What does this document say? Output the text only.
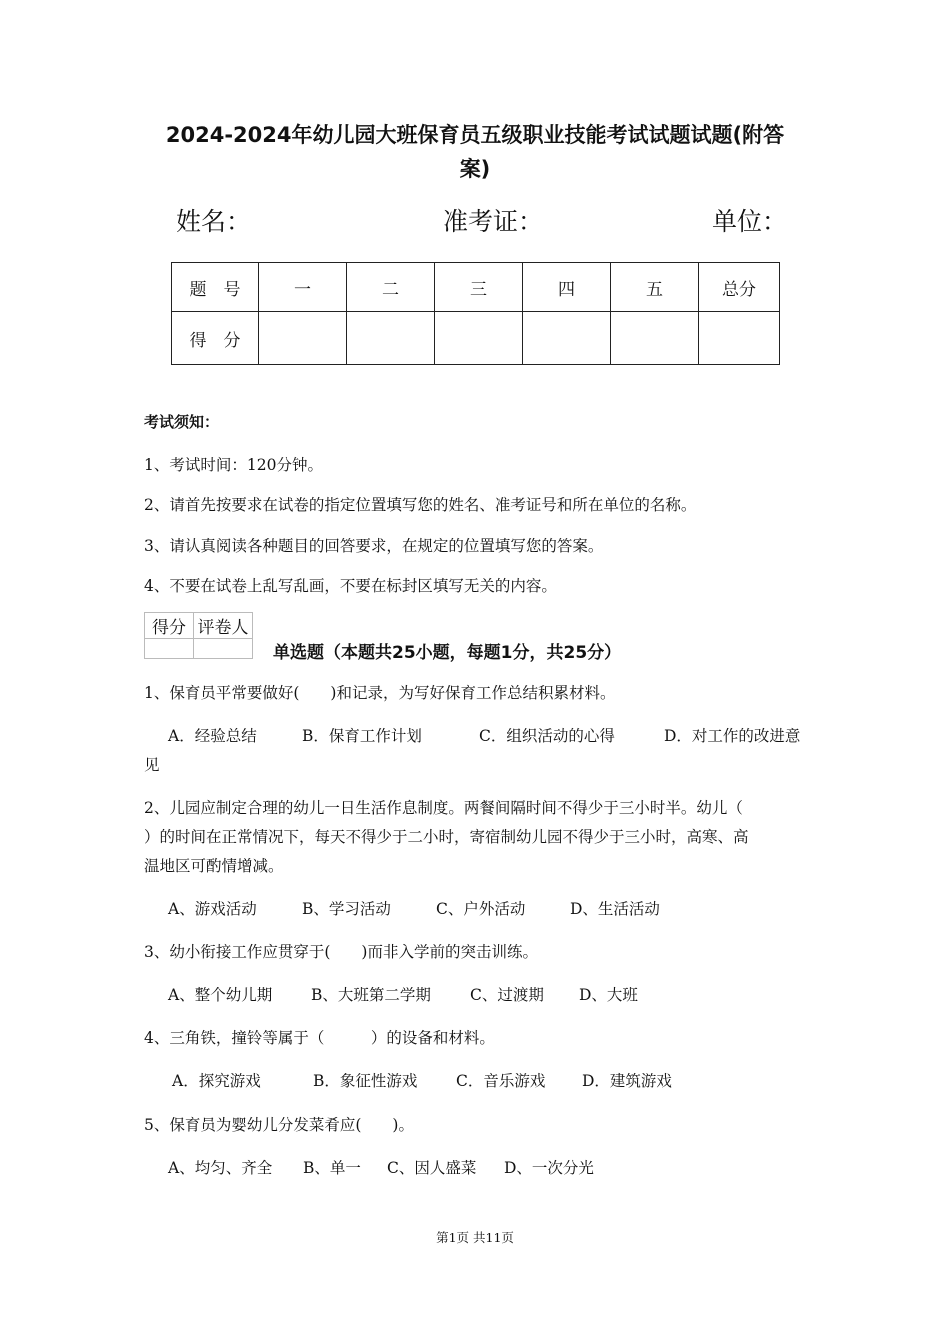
2024-2024年幼儿园大班保育员五级职业技能考试试题试题(附答
案)
姓名：	准考证：	单位：
题　号	一	二	三	四	五	总分
得　分						
考试须知：
1、考试时间：120分钟。
2、请首先按要求在试卷的指定位置填写您的姓名、准考证号和所在单位的名称。
3、请认真阅读各种题目的回答要求，在规定的位置填写您的答案。
4、不要在试卷上乱写乱画，不要在标封区填写无关的内容。
得分	评卷人

单选题（本题共25小题，每题1分，共25分）
1、保育员平常要做好(　　)和记录，为写好保育工作总结积累材料。
A．经验总结	B．保育工作计划	C．组织活动的心得	D．对工作的改进意
见
2、儿园应制定合理的幼儿一日生活作息制度。两餐间隔时间不得少于三小时半。幼儿（
）的时间在正常情况下，每天不得少于二小时，寄宿制幼儿园不得少于三小时，高寒、高
温地区可酌情增减。
A、游戏活动	B、学习活动	C、户外活动	D、生活活动
3、幼小衔接工作应贯穿于(　　)而非入学前的突击训练。
A、整个幼儿期	B、大班第二学期	C、过渡期 D、大班
4、三角铁，撞铃等属于（　　　）的设备和材料。
A．探究游戏	B．象征性游戏 C．音乐游戏 D．建筑游戏
5、保育员为婴幼儿分发菜肴应(　　)。
A、均匀、齐全 B、单一 C、因人盛菜 D、一次分光
第1页 共11页
